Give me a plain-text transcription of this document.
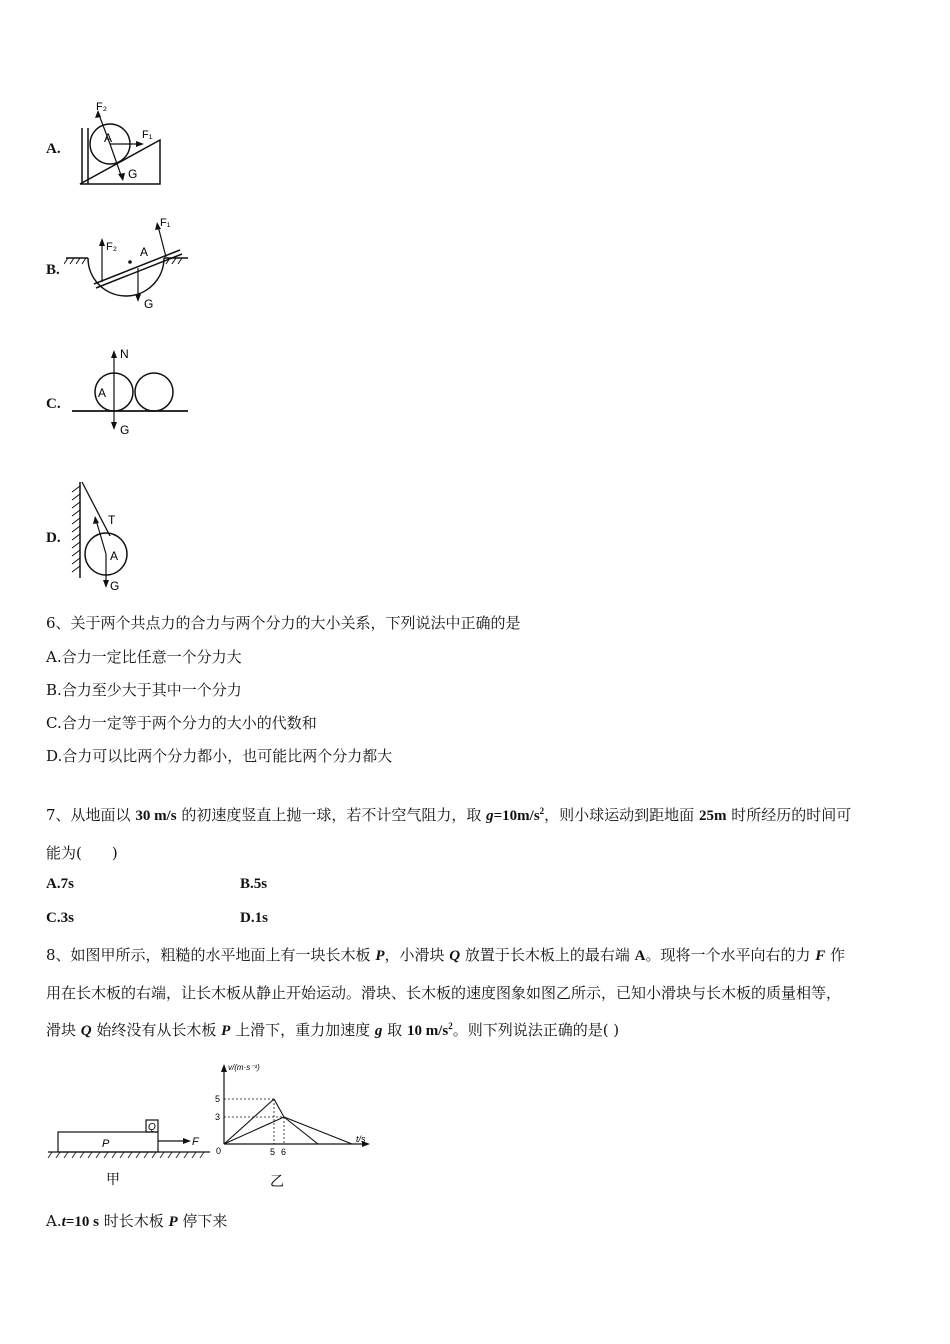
A.
F₂
F₁
A
G
B.
F₁
F₂ A
G
C.
N
A
G
D.
T
A
G
6、关于两个共点力的合力与两个分力的大小关系，下列说法中正确的是
A.合力一定比任意一个分力大
B.合力至少大于其中一个分力
C.合力一定等于两个分力的大小的代数和
D.合力可以比两个分力都小，也可能比两个分力都大
7、从地面以 30 m/s 的初速度竖直上抛一球，若不计空气阻力，取 $g=10m/s^2$，则小球运动到距地面 25m 时所经历的时间可
能为(　　)
A.7s	B.5s
C.3s	D.1s
8、如图甲所示，粗糙的水平地面上有一块长木板 P，小滑块 Q 放置于长木板上的最右端 A。现将一个水平向右的力 F 作
用在长木板的右端，让长木板从静止开始运动。滑块、长木板的速度图象如图乙所示，已知小滑块与长木板的质量相等，
滑块 Q 始终没有从长木板 P 上滑下，重力加速度 g 取 10 $m/s^2$。则下列说法正确的是( )
P
Q
F
甲
v/(m·s⁻¹)
t/s
5
3
0	5 6
乙
A.t=10 s 时长木板 P 停下来
